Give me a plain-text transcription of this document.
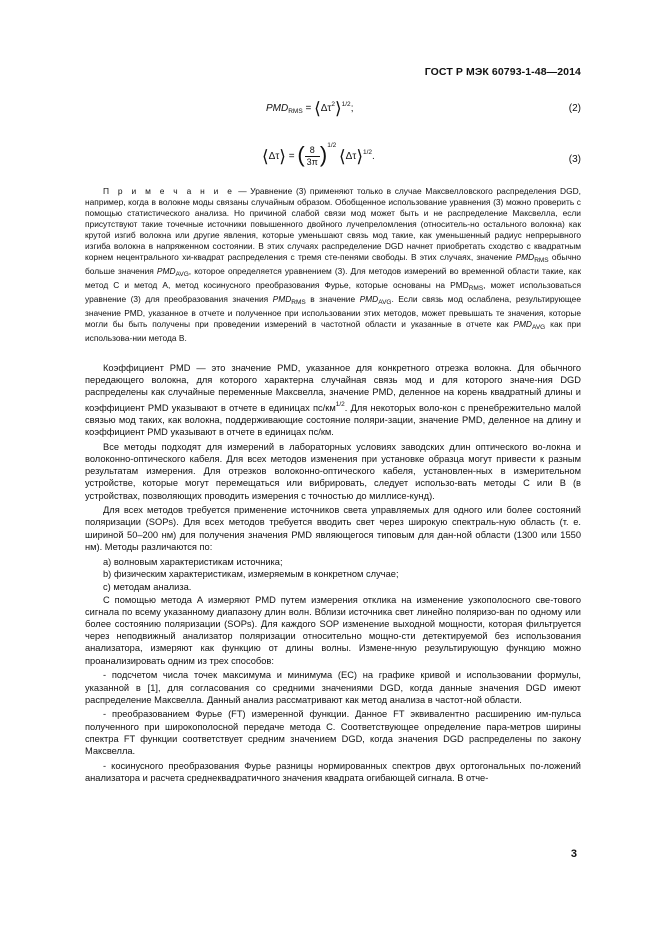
ГОСТ Р МЭК 60793-1-48—2014
$PMD_{RMS}$ = $⟨\Delta\tau^2⟩^{1/2}$;	(2)
⟨Δτ⟩ = ( $\frac{8}{3\pi} )^{1/2}$ ⟨Δτ⟩$^{1/2}$.	(3)
П р и м е ч а н и е — Уравнение (3) применяют только в случае Максвелловского распределения DGD, например, когда в волокне моды связаны случайным образом. Обобщенное использование уравнения (3) можно проверить с помощью статистического анализа. Но причиной слабой связи мод может быть и не распределение Максвелла, если присутствуют такие точечные источники повышенного двойного лучепреломления (относитель-но остального волокна) как крутой изгиб волокна или другие явления, которые уменьшают связь мод такие, как уменьшенный радиус непрерывного изгиба волокна в напряженном состоянии. В этих случаях распределение DGD начнет приобретать сходство с квадратным корнем нецентрального хи-квадрат распределения с тремя сте-пенями свободы. В этих случаях, значение $PMD_{RMS}$ обычно больше значения $PMD_{AVG}$, которое определяется уравнением (3). Для методов измерений во временной области такие, как метод C и метод A, метод косинусного преобразования Фурье, которые основаны на $PMD_{RMS}$, может использоваться уравнение (3) для преобразования значения $PMD_{RMS}$ в значение $PMD_{AVG}$. Если связь мод ослаблена, результирующее значение PMD, указанное в отчете и полученное при использовании этих методов, может превышать те значения, которые могли бы быть получены при проведении измерений в частотной области и указанные в отчете как $PMD_{AVG}$ как при использова-нии метода В.

Коэффициент PMD — это значение PMD, указанное для конкретного отрезка волокна. Для обычного передающего волокна, для которого характерна случайная связь мод и для которого значе-ния DGD распределены как случайные переменные Максвелла, значение PMD, деленное на корень квадратный длины и коэффициент PMD указывают в отчете в единицах $пс/км^{1/2}$. Для некоторых воло-кон с пренебрежительно малой связью мод таких, как волокна, поддерживающие состояние поляри-зации, значение PMD, деленное на длину и коэффициент PMD указывают в отчете в единицах пс/км.

Все методы подходят для измерений в лабораторных условиях заводских длин оптического во-локна и волоконно-оптического кабеля. Для всех методов изменения при установке образца могут привести к разным результатам измерения. Для отрезков волоконно-оптического кабеля, установлен-ных в измерительном устройстве, которые могут перемещаться или вибрировать, следует использо-вать методы С или В (в устройствах, позволяющих проводить измерения с точностью до миллисе-кунд).

Для всех методов требуется применение источников света управляемых для одного или более состояний поляризации (SOPs). Для всех методов требуется вводить свет через широкую спектраль-ную область (т. е. шириной 50–200 нм) для получения значения PMD являющегося типовым для дан-ной области (1300 или 1550 нм). Методы различаются по:

а) волновым характеристикам источника;

b) физическим характеристикам, измеряемым в конкретном случае;

c) методам анализа.

С помощью метода А измеряют PMD путем измерения отклика на изменение узкополосного све-тового сигнала по всему указанному диапазону длин волн. Вблизи источника свет линейно поляризо-ван по одному или более состоянию поляризации (SOPs). Для каждого SOP изменение выходной мощности, которая фильтруется через неподвижный анализатор поляризации относительно мощно-сти детектируемой без использования анализатора, измеряют как функцию от длины волны. Измене-нную результирующую функцию можно проанализировать одним из трех способов:

- подсчетом числа точек максимума и минимума (EC) на графике кривой и использовании формулы, указанной в [1], для согласования со средними значениями DGD, когда данные значения DGD имеют распределение Максвелла. Данный анализ рассматривают как метод анализа в частот-ной области.

- преобразованием Фурье (FT) измеренной функции. Данное FT эквивалентно расширению им-пульса полученного при широкополосной передаче метода С. Соответствующее определение пара-метров ширины спектра FT функции соответствует средним значением DGD, когда значения DGD распределены по закону Максвелла.

- косинусного преобразования Фурье разницы нормированных спектров двух ортогональных по-ложений анализатора и расчета среднеквадратичного значения квадрата огибающей сигнала. В отче-

3
